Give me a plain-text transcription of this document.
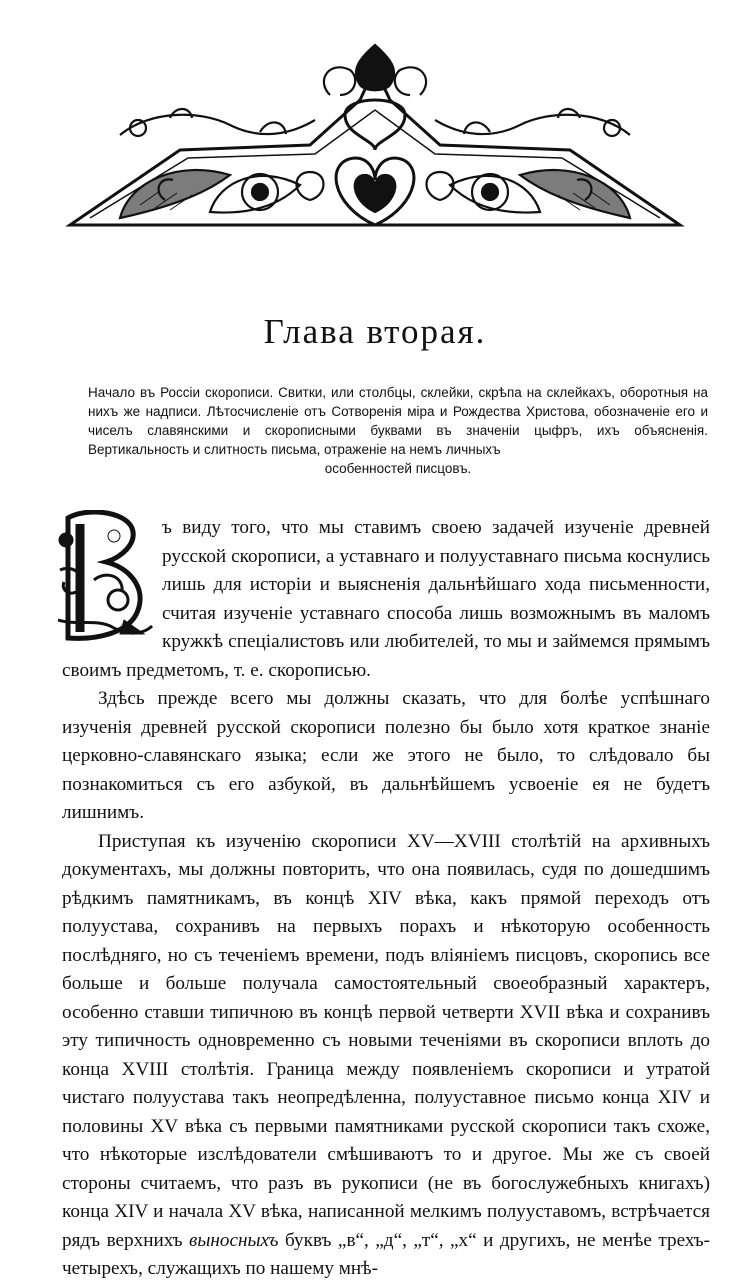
Глава вторая.

Начало въ Россіи скорописи. Свитки, или столбцы, склейки, скрѣпа на склейкахъ, оборотныя на нихъ же надписи. Лѣтосчисленіе отъ Сотворенія міра и Рождества Христова, обозначеніе его и чиселъ славянскими и скорописными буквами въ значеніи цыфръ, ихъ объясненія. Вертикальность и слитность письма, отраженіе на немъ личныхъ
особенностей писцовъ.

В

ъ виду того, что мы ставимъ своею задачей изученіе древней русской скорописи, а уставнаго и полууставнаго письма коснулись лишь для исторіи и выясненія дальнѣйшаго хода письменности, считая изученіе уставнаго способа лишь возможнымъ въ маломъ кружкѣ спеціалистовъ или любителей, то мы и займемся прямымъ своимъ предметомъ, т. е. скорописью.

Здѣсь прежде всего мы должны сказать, что для болѣе успѣшнаго изученія древней русской скорописи полезно бы было хотя краткое знаніе церковно-славянскаго языка; если же этого не было, то слѣдовало бы познакомиться съ его азбукой, въ дальнѣйшемъ усвоеніе ея не будетъ лишнимъ.

Приступая къ изученію скорописи XV—XVIII столѣтій на архивныхъ документахъ, мы должны повторить, что она появилась, судя по дошедшимъ рѣдкимъ памятникамъ, въ концѣ XIV вѣка, какъ прямой переходъ отъ полуустава, сохранивъ на первыхъ порахъ и нѣкоторую особенность послѣдняго, но съ теченіемъ времени, подъ вліяніемъ писцовъ, скоропись все больше и больше получала самостоятельный своеобразный характеръ, особенно ставши типичною въ концѣ первой четверти XVII вѣка и сохранивъ эту типичность одновременно съ новыми теченіями въ скорописи вплоть до конца XVIII столѣтія. Граница между появленіемъ скорописи и утратой чистаго полуустава такъ неопредѣленна, полууставное письмо конца XIV и половины XV вѣка съ первыми памятниками русской скорописи такъ схоже, что нѣкоторые изслѣдователи смѣшиваютъ то и другое. Мы же съ своей стороны считаемъ, что разъ въ рукописи (не въ богослужебныхъ книгахъ) конца XIV и начала XV вѣка, написанной мелкимъ полууставомъ, встрѣчается рядъ верхнихъ выносныхъ буквъ „в“, „д“, „т“, „х“ и другихъ, не менѣе трехъ-четырехъ, служащихъ по нашему мнѣ-
